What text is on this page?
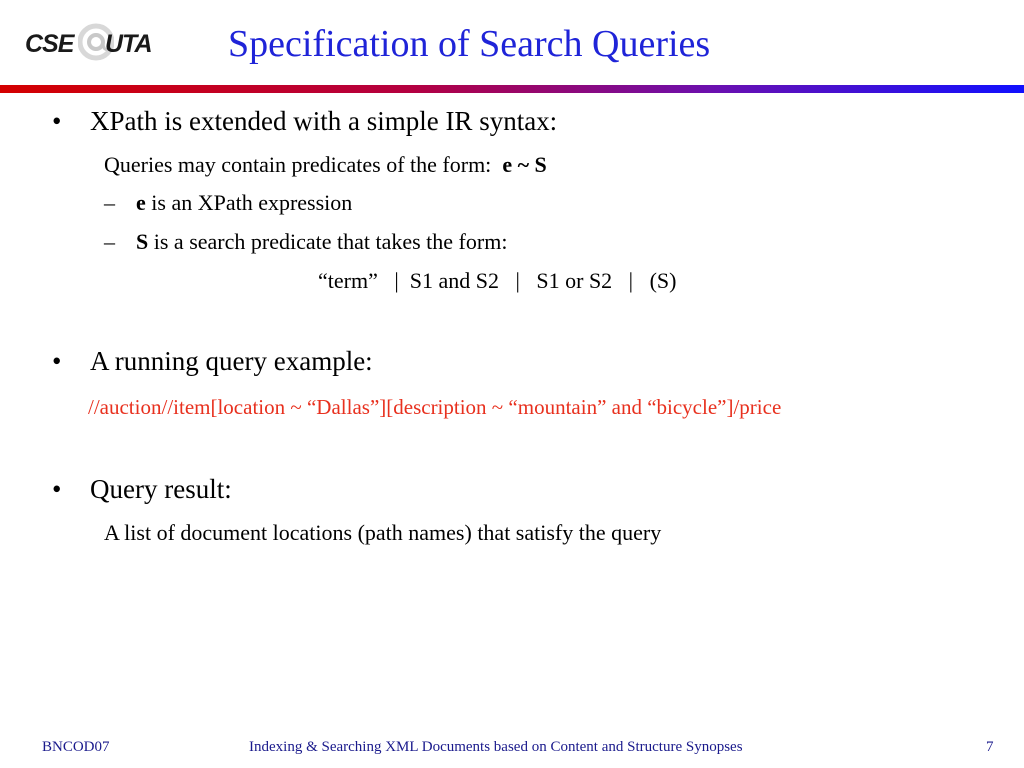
CSE UTA Specification of Search Queries
• XPath is extended with a simple IR syntax:
Queries may contain predicates of the form: e ~ S
– e is an XPath expression
– S is a search predicate that takes the form:
“term”   |  S1 and S2   |   S1 or S2   |   (S)
• A running query example:
//auction//item[location ~ “Dallas”][description ~ “mountain” and “bicycle”]/price
• Query result:
A list of document locations (path names) that satisfy the query
BNCOD07	Indexing & Searching XML Documents based on Content and Structure Synopses	7
